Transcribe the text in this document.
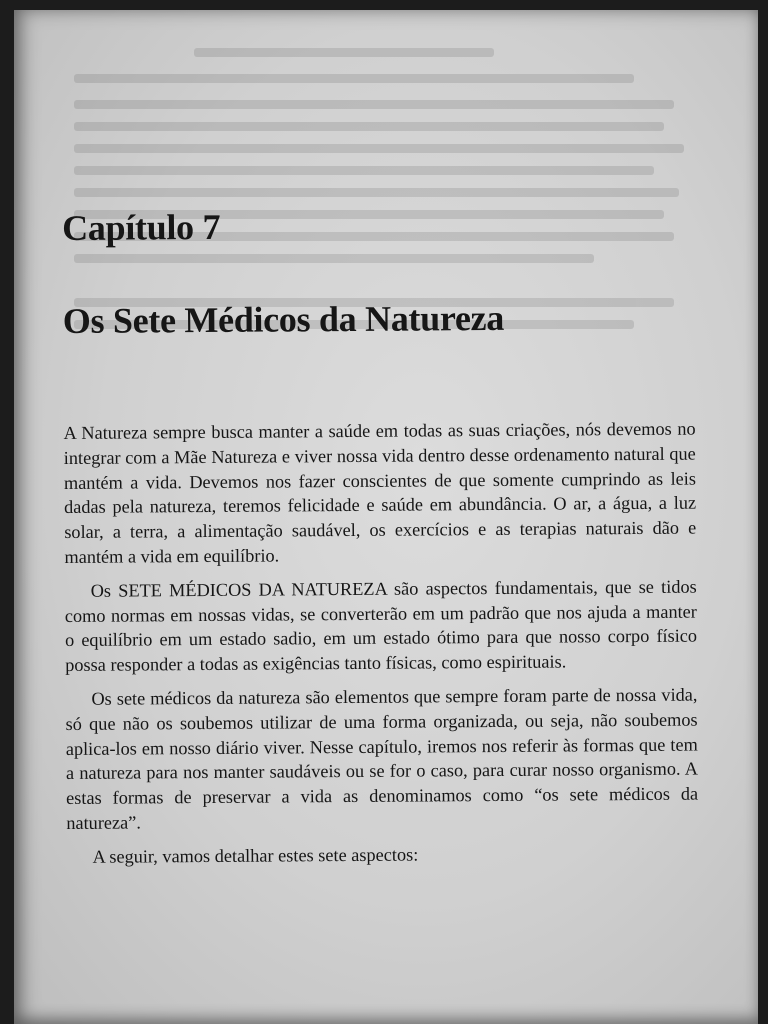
Capítulo 7
Os Sete Médicos da Natureza

A Natureza sempre busca manter a saúde em todas as suas criações, nós devemos no integrar com a Mãe Natureza e viver nossa vida dentro desse ordenamento natural que mantém a vida. Devemos nos fazer conscientes de que somente cumprindo as leis dadas pela natureza, teremos felicidade e saúde em abundância. O ar, a água, a luz solar, a terra, a alimentação saudável, os exercícios e as terapias naturais dão e mantém a vida em equilíbrio.

Os SETE MÉDICOS DA NATUREZA são aspectos fundamentais, que se tidos como normas em nossas vidas, se converterão em um padrão que nos ajuda a manter o equilíbrio em um estado sadio, em um estado ótimo para que nosso corpo físico possa responder a todas as exigências tanto físicas, como espirituais.

Os sete médicos da natureza são elementos que sempre foram parte de nossa vida, só que não os soubemos utilizar de uma forma organizada, ou seja, não soubemos aplica-los em nosso diário viver. Nesse capítulo, iremos nos referir às formas que tem a natureza para nos manter saudáveis ou se for o caso, para curar nosso organismo. A estas formas de preservar a vida as denominamos como “os sete médicos da natureza”.

A seguir, vamos detalhar estes sete aspectos:
